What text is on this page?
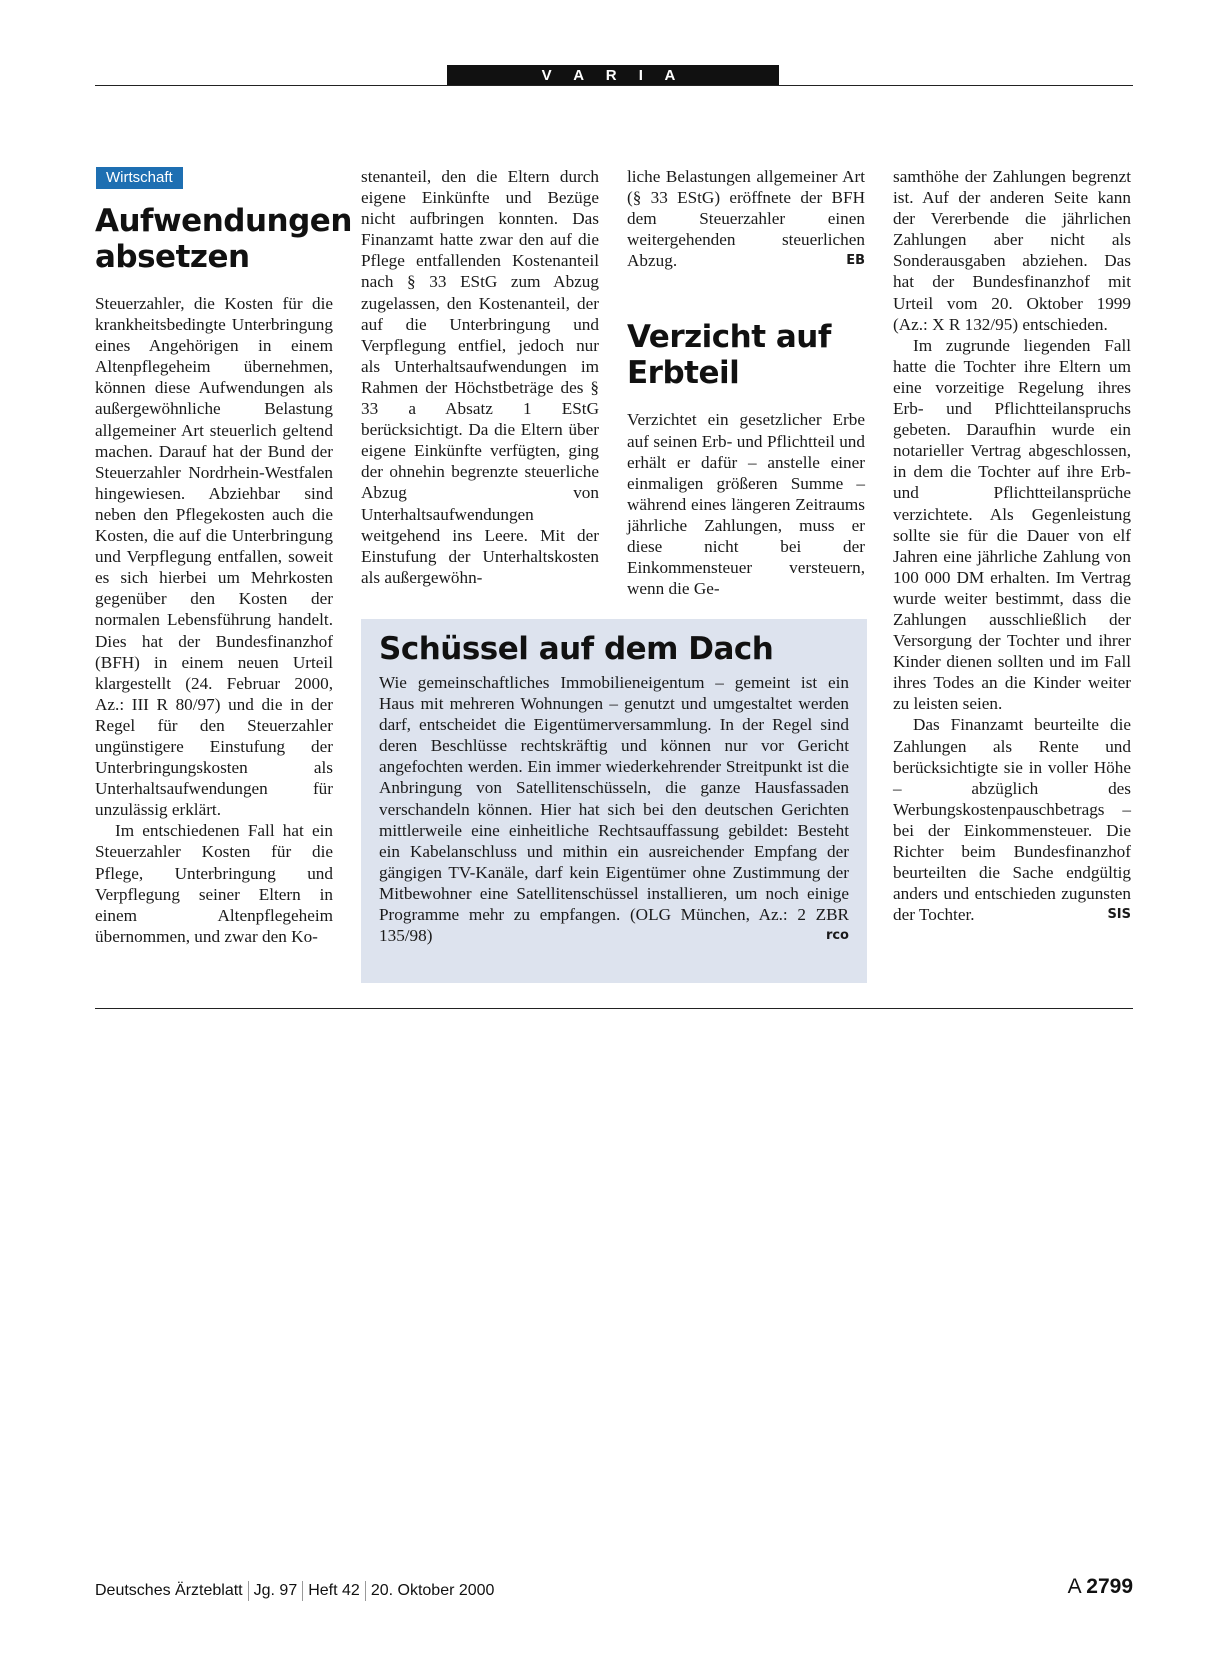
V A R I A
Wirtschaft
Aufwendungen absetzen

Steuerzahler, die Kosten für die krankheitsbedingte Unterbringung eines Angehörigen in einem Altenpflegeheim übernehmen, können diese Aufwendungen als außergewöhnliche Belastung allgemeiner Art steuerlich geltend machen. Darauf hat der Bund der Steuerzahler Nordrhein-Westfalen hingewiesen. Abziehbar sind neben den Pflegekosten auch die Kosten, die auf die Unterbringung und Verpflegung entfallen, soweit es sich hierbei um Mehrkosten gegenüber den Kosten der normalen Lebensführung handelt. Dies hat der Bundesfinanzhof (BFH) in einem neuen Urteil klargestellt (24. Februar 2000, Az.: III R 80/97) und die in der Regel für den Steuerzahler ungünstigere Einstufung der Unterbringungskosten als Unterhaltsaufwendungen für unzulässig erklärt.

Im entschiedenen Fall hat ein Steuerzahler Kosten für die Pflege, Unterbringung und Verpflegung seiner Eltern in einem Altenpflegeheim übernommen, und zwar den Ko-

stenanteil, den die Eltern durch eigene Einkünfte und Bezüge nicht aufbringen konnten. Das Finanzamt hatte zwar den auf die Pflege entfallenden Kostenanteil nach § 33 EStG zum Abzug zugelassen, den Kostenanteil, der auf die Unterbringung und Verpflegung entfiel, jedoch nur als Unterhaltsaufwendungen im Rahmen der Höchstbeträge des § 33 a Absatz 1 EStG berücksichtigt. Da die Eltern über eigene Einkünfte verfügten, ging der ohnehin begrenzte steuerliche Abzug von Unterhaltsaufwendungen weitgehend ins Leere. Mit der Einstufung der Unterhaltskosten als außergewöhn-

liche Belastungen allgemeiner Art (§ 33 EStG) eröffnete der BFH dem Steuerzahler einen weitergehenden steuerlichen Abzug.	EB

Verzicht auf Erbteil

Verzichtet ein gesetzlicher Erbe auf seinen Erb- und Pflichtteil und erhält er dafür – anstelle einer einmaligen größeren Summe – während eines längeren Zeitraums jährliche Zahlungen, muss er diese nicht bei der Einkommensteuer versteuern, wenn die Ge-

samthöhe der Zahlungen begrenzt ist. Auf der anderen Seite kann der Vererbende die jährlichen Zahlungen aber nicht als Sonderausgaben abziehen. Das hat der Bundesfinanzhof mit Urteil vom 20. Oktober 1999 (Az.: X R 132/95) entschieden.

Im zugrunde liegenden Fall hatte die Tochter ihre Eltern um eine vorzeitige Regelung ihres Erb- und Pflichtteilanspruchs gebeten. Daraufhin wurde ein notarieller Vertrag abgeschlossen, in dem die Tochter auf ihre Erb- und Pflichtteilansprüche verzichtete. Als Gegenleistung sollte sie für die Dauer von elf Jahren eine jährliche Zahlung von 100 000 DM erhalten. Im Vertrag wurde weiter bestimmt, dass die Zahlungen ausschließlich der Versorgung der Tochter und ihrer Kinder dienen sollten und im Fall ihres Todes an die Kinder weiter zu leisten seien.

Das Finanzamt beurteilte die Zahlungen als Rente und berücksichtigte sie in voller Höhe – abzüglich des Werbungskostenpauschbetrags – bei der Einkommensteuer. Die Richter beim Bundesfinanzhof beurteilten die Sache endgültig anders und entschieden zugunsten der Tochter.	SIS

Schüssel auf dem Dach
Wie gemeinschaftliches Immobilieneigentum – gemeint ist ein Haus mit mehreren Wohnungen – genutzt und umgestaltet werden darf, entscheidet die Eigentümerversammlung. In der Regel sind deren Beschlüsse rechtskräftig und können nur vor Gericht angefochten werden. Ein immer wiederkehrender Streitpunkt ist die Anbringung von Satellitenschüsseln, die ganze Hausfassaden verschandeln können. Hier hat sich bei den deutschen Gerichten mittlerweile eine einheitliche Rechtsauffassung gebildet: Besteht ein Kabelanschluss und mithin ein ausreichender Empfang der gängigen TV-Kanäle, darf kein Eigentümer ohne Zustimmung der Mitbewohner eine Satellitenschüssel installieren, um noch einige Programme mehr zu empfangen. (OLG München, Az.: 2 ZBR 135/98)	rco
Deutsches Ärzteblatt Jg. 97 Heft 42 20. Oktober 2000	A 2799
